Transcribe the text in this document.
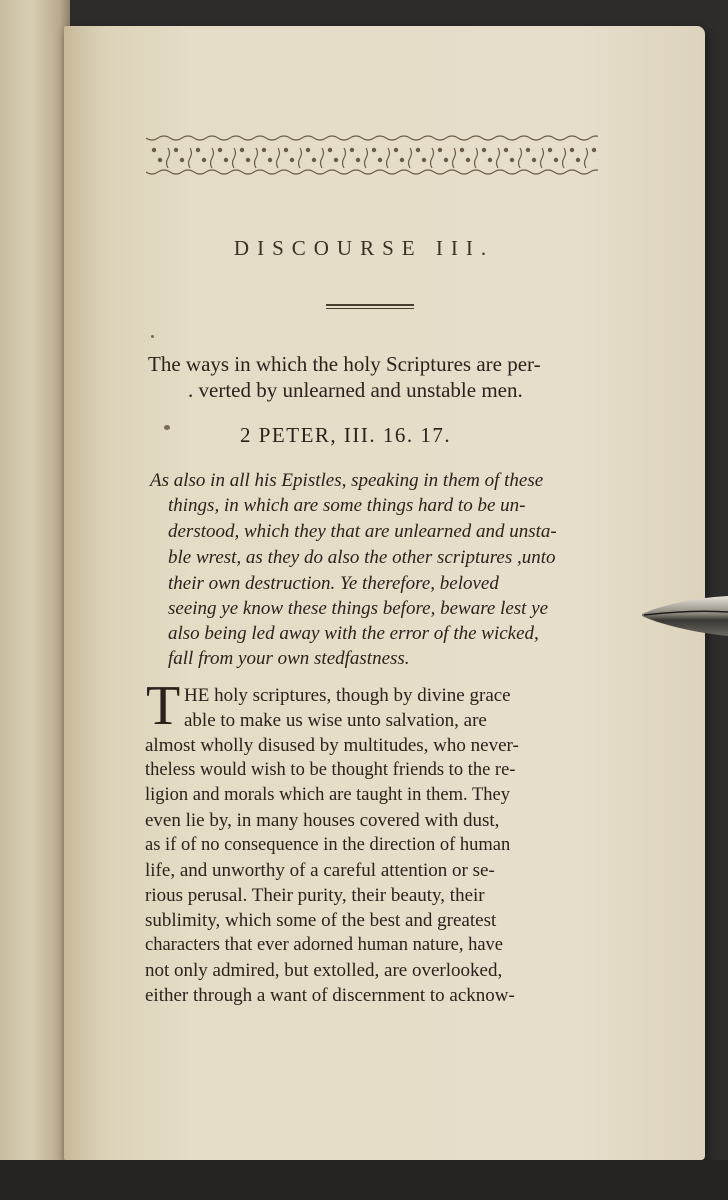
DISCOURSE III.
The ways in which the holy Scriptures are per-
. verted by unlearned and unstable men.
2 PETER, III. 16. 17.
As also in all his Epistles, speaking in them of these
things, in which are some things hard to be un-
derstood, which they that are unlearned and unsta-
ble wrest, as they do also the other scriptures ,unto
their own destruction. Ye therefore, beloved
seeing ye know these things before, beware lest ye
also being led away with the error of the wicked,
fall from your own stedfastness.
T HE holy scriptures, though by divine grace
able to make us wise unto salvation, are
almost wholly disused by multitudes, who never-
theless would wish to be thought friends to the re-
ligion and morals which are taught in them. They
even lie by, in many houses covered with dust,
as if of no consequence in the direction of human
life, and unworthy of a careful attention or se-
rious perusal. Their purity, their beauty, their
sublimity, which some of the best and greatest
characters that ever adorned human nature, have
not only admired, but extolled, are overlooked,
either through a want of discernment to acknow-
